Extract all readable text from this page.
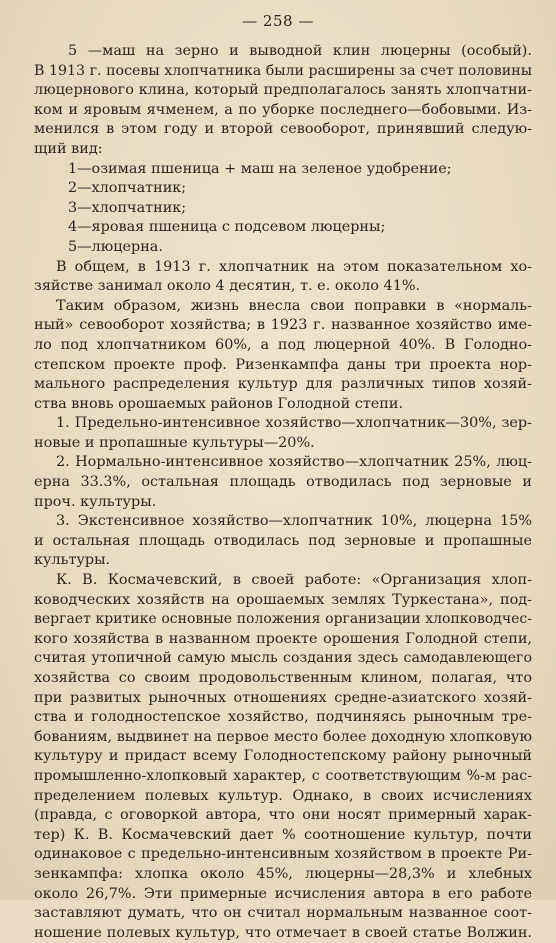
— 258 —
5 —маш на зерно и выводной клин люцерны (особый).
В 1913 г. посевы хлопчатника были расширены за счет половины
люцернового клина, который предполагалось занять хлопчатни-
ком и яровым ячменем, а по уборке последнего—бобовыми. Из-
менился в этом году и второй севооборот, принявший следую-
щий вид:
1—озимая пшеница + маш на зеленое удобрение;
2—хлопчатник;
3—хлопчатник;
4—яровая пшеница с подсевом люцерны;
5—люцерна.
В общем, в 1913 г. хлопчатник на этом показательном хо-
зяйстве занимал около 4 десятин, т. е. около 41%.
Таким образом, жизнь внесла свои поправки в «нормаль-
ный» севооборот хозяйства; в 1923 г. названное хозяйство име-
ло под хлопчатником 60%, а под люцерной 40%. В Голодно-
степском проекте проф. Ризенкампфа даны три проекта нор-
мального распределения культур для различных типов хозяй-
ства вновь орошаемых районов Голодной степи.
1. Предельно-интенсивное хозяйство—хлопчатник—30%, зер-
новые и пропашные культуры—20%.
2. Нормально-интенсивное хозяйство—хлопчатник 25%, люц-
ерна 33.3%, остальная площадь отводилась под зерновые и
проч. культуры.
3. Экстенсивное хозяйство—хлопчатник 10%, люцерна 15%
и остальная площадь отводилась под зерновые и пропашные
культуры.
К. В. Космачевский, в своей работе: «Организация хлоп-
ководческих хозяйств на орошаемых землях Туркестана», под-
вергает критике основные положения организации хлопководчес-
кого хозяйства в названном проекте орошения Голодной степи,
считая утопичной самую мысль создания здесь самодавлеющего
хозяйства со своим продовольственным клином, полагая, что
при развитых рыночных отношениях средне-азиатского хозяй-
ства и голодностепское хозяйство, подчиняясь рыночным тре-
бованиям, выдвинет на первое место более доходную хлопковую
культуру и придаст всему Голодностепскому району рыночный
промышленно-хлопковый характер, с соответствующим %-м рас-
пределением полевых культур. Однако, в своих исчислениях
(правда, с оговоркой автора, что они носят примерный харак-
тер) К. В. Космачевский дает % соотношение культур, почти
одинаковое с предельно-интенсивным хозяйством в проекте Ри-
зенкампфа: хлопка около 45%, люцерны—28,3% и хлебных
около 26,7%. Эти примерные исчисления автора в его работе
заставляют думать, что он считал нормальным названное соот-
ношение полевых культур, что отмечает в своей статье Волжин.
